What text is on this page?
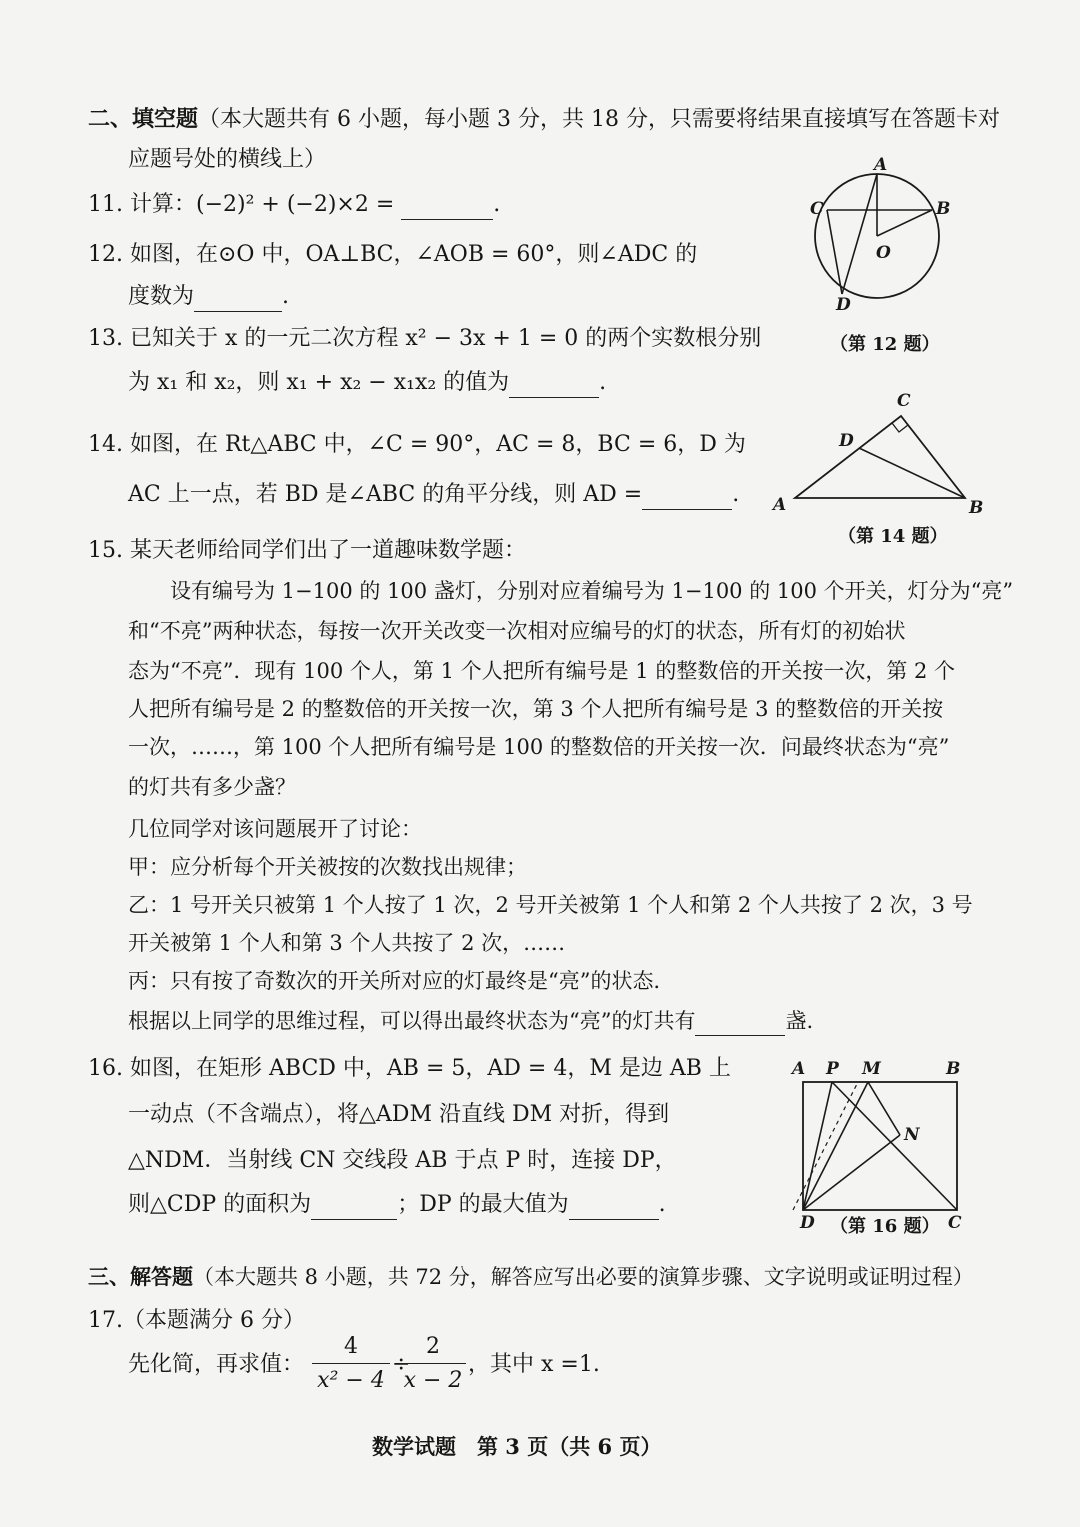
二、填空题（本大题共有 6 小题，每小题 3 分，共 18 分，只需要将结果直接填写在答题卡对
应题号处的横线上）
11. 计算：(−2)² + (−2)×2 =	.
12. 如图，在⊙O 中，OA⊥BC，∠AOB = 60°，则∠ADC 的
度数为	.
A
B
C
O
D
（第 12 题）
13. 已知关于 x 的一元二次方程 x² − 3x + 1 = 0 的两个实数根分别
为 x₁ 和 x₂，则 x₁ + x₂ − x₁x₂ 的值为	.
14. 如图，在 Rt△ABC 中，∠C = 90°，AC = 8，BC = 6，D 为
AC 上一点，若 BD 是∠ABC 的角平分线，则 AD =	. A	B
C
D
（第 14 题）
15. 某天老师给同学们出了一道趣味数学题：
设有编号为 1−100 的 100 盏灯，分别对应着编号为 1−100 的 100 个开关，灯分为“亮”
和“不亮”两种状态，每按一次开关改变一次相对应编号的灯的状态，所有灯的初始状
态为“不亮”．现有 100 个人，第 1 个人把所有编号是 1 的整数倍的开关按一次，第 2 个
人把所有编号是 2 的整数倍的开关按一次，第 3 个人把所有编号是 3 的整数倍的开关按
一次，……，第 100 个人把所有编号是 100 的整数倍的开关按一次．问最终状态为“亮”
的灯共有多少盏？
几位同学对该问题展开了讨论：
甲：应分析每个开关被按的次数找出规律；
乙：1 号开关只被第 1 个人按了 1 次，2 号开关被第 1 个人和第 2 个人共按了 2 次，3 号
开关被第 1 个人和第 3 个人共按了 2 次，……
丙：只有按了奇数次的开关所对应的灯最终是“亮”的状态．
根据以上同学的思维过程，可以得出最终状态为“亮”的灯共有	盏.
16. 如图，在矩形 ABCD 中，AB = 5，AD = 4，M 是边 AB 上
一动点（不含端点），将△ADM 沿直线 DM 对折，得到
△NDM．当射线 CN 交线段 AB 于点 P 时，连接 DP，
则△CDP 的面积为	；DP 的最大值为	.
A P M	B
N
D	C
（第 16 题）
三、解答题（本大题共 8 小题，共 72 分，解答应写出必要的演算步骤、文字说明或证明过程）
17.（本题满分 6 分）
先化简，再求值：
4
x² − 4
÷
2
x − 2
，其中 x =1.
数学试题　第 3 页（共 6 页）
